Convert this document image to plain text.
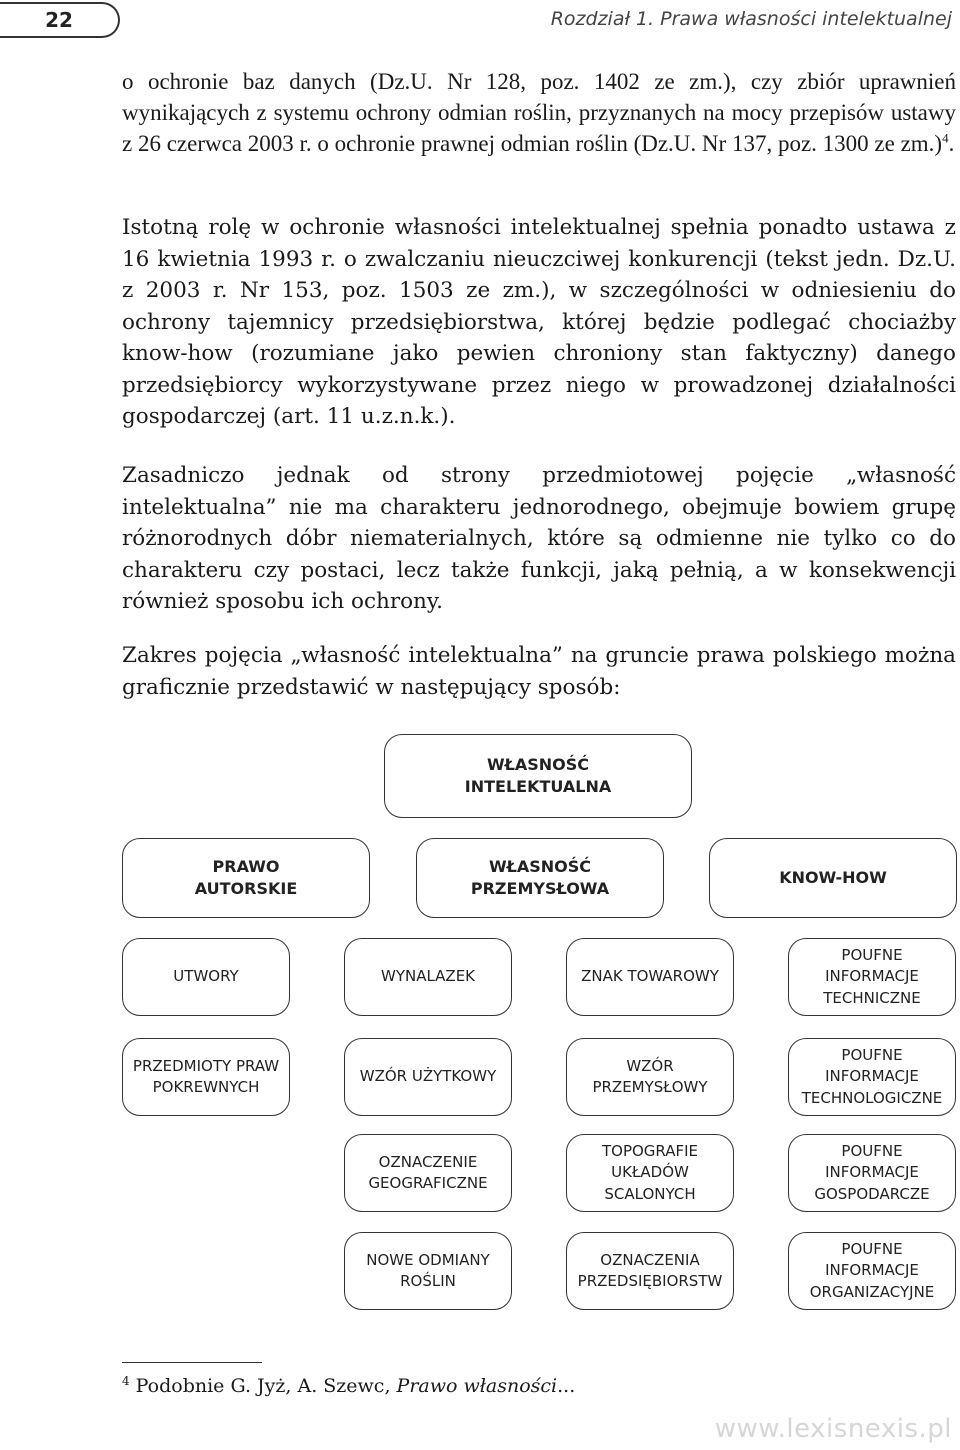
22	Rozdział 1. Prawa własności intelektualnej
o ochronie baz danych (Dz.U. Nr 128, poz. 1402 ze zm.), czy zbiór uprawnień wynikających z systemu ochrony odmian roślin, przyznanych na mocy przepisów ustawy z 26 czerwca 2003 r. o ochronie prawnej odmian roślin (Dz.U. Nr 137, poz. 1300 ze zm.)$^4$.
Istotną rolę w ochronie własności intelektualnej spełnia ponadto ustawa z 16 kwietnia 1993 r. o zwalczaniu nieuczciwej konkurencji (tekst jedn. Dz.U. z 2003 r. Nr 153, poz. 1503 ze zm.), w szczególności w odniesieniu do ochrony tajemnicy przedsiębiorstwa, której będzie podlegać chociażby know-how (rozumiane jako pewien chroniony stan faktyczny) danego przedsiębiorcy wykorzystywane przez niego w prowadzonej działalności gospodarczej (art. 11 u.z.n.k.).
Zasadniczo jednak od strony przedmiotowej pojęcie „własność intelektualna” nie ma charakteru jednorodnego, obejmuje bowiem grupę różnorodnych dóbr niematerialnych, które są odmienne nie tylko co do charakteru czy postaci, lecz także funkcji, jaką pełnią, a w konsekwencji również sposobu ich ochrony.
Zakres pojęcia „własność intelektualna” na gruncie prawa polskiego można graficznie przedstawić w następujący sposób:
WŁASNOŚĆ
INTELEKTUALNA
PRAWO
AUTORSKIE
WŁASNOŚĆ
PRZEMYSŁOWA
KNOW-HOW
UTWORY
PRZEDMIOTY PRAW
POKREWNYCH
WYNALAZEK
WZÓR UŻYTKOWY
OZNACZENIE
GEOGRAFICZNE
NOWE ODMIANY
ROŚLIN
ZNAK TOWAROWY
WZÓR
PRZEMYSŁOWY
TOPOGRAFIE
UKŁADÓW
SCALONYCH
OZNACZENIA
PRZEDSIĘBIORSTW
POUFNE
INFORMACJE
TECHNICZNE
POUFNE
INFORMACJE
TECHNOLOGICZNE
POUFNE
INFORMACJE
GOSPODARCZE
POUFNE
INFORMACJE
ORGANIZACYJNE
$^4$ Podobnie G. Jyż, A. Szewc, Prawo własności...
www.lexisnexis.pl
